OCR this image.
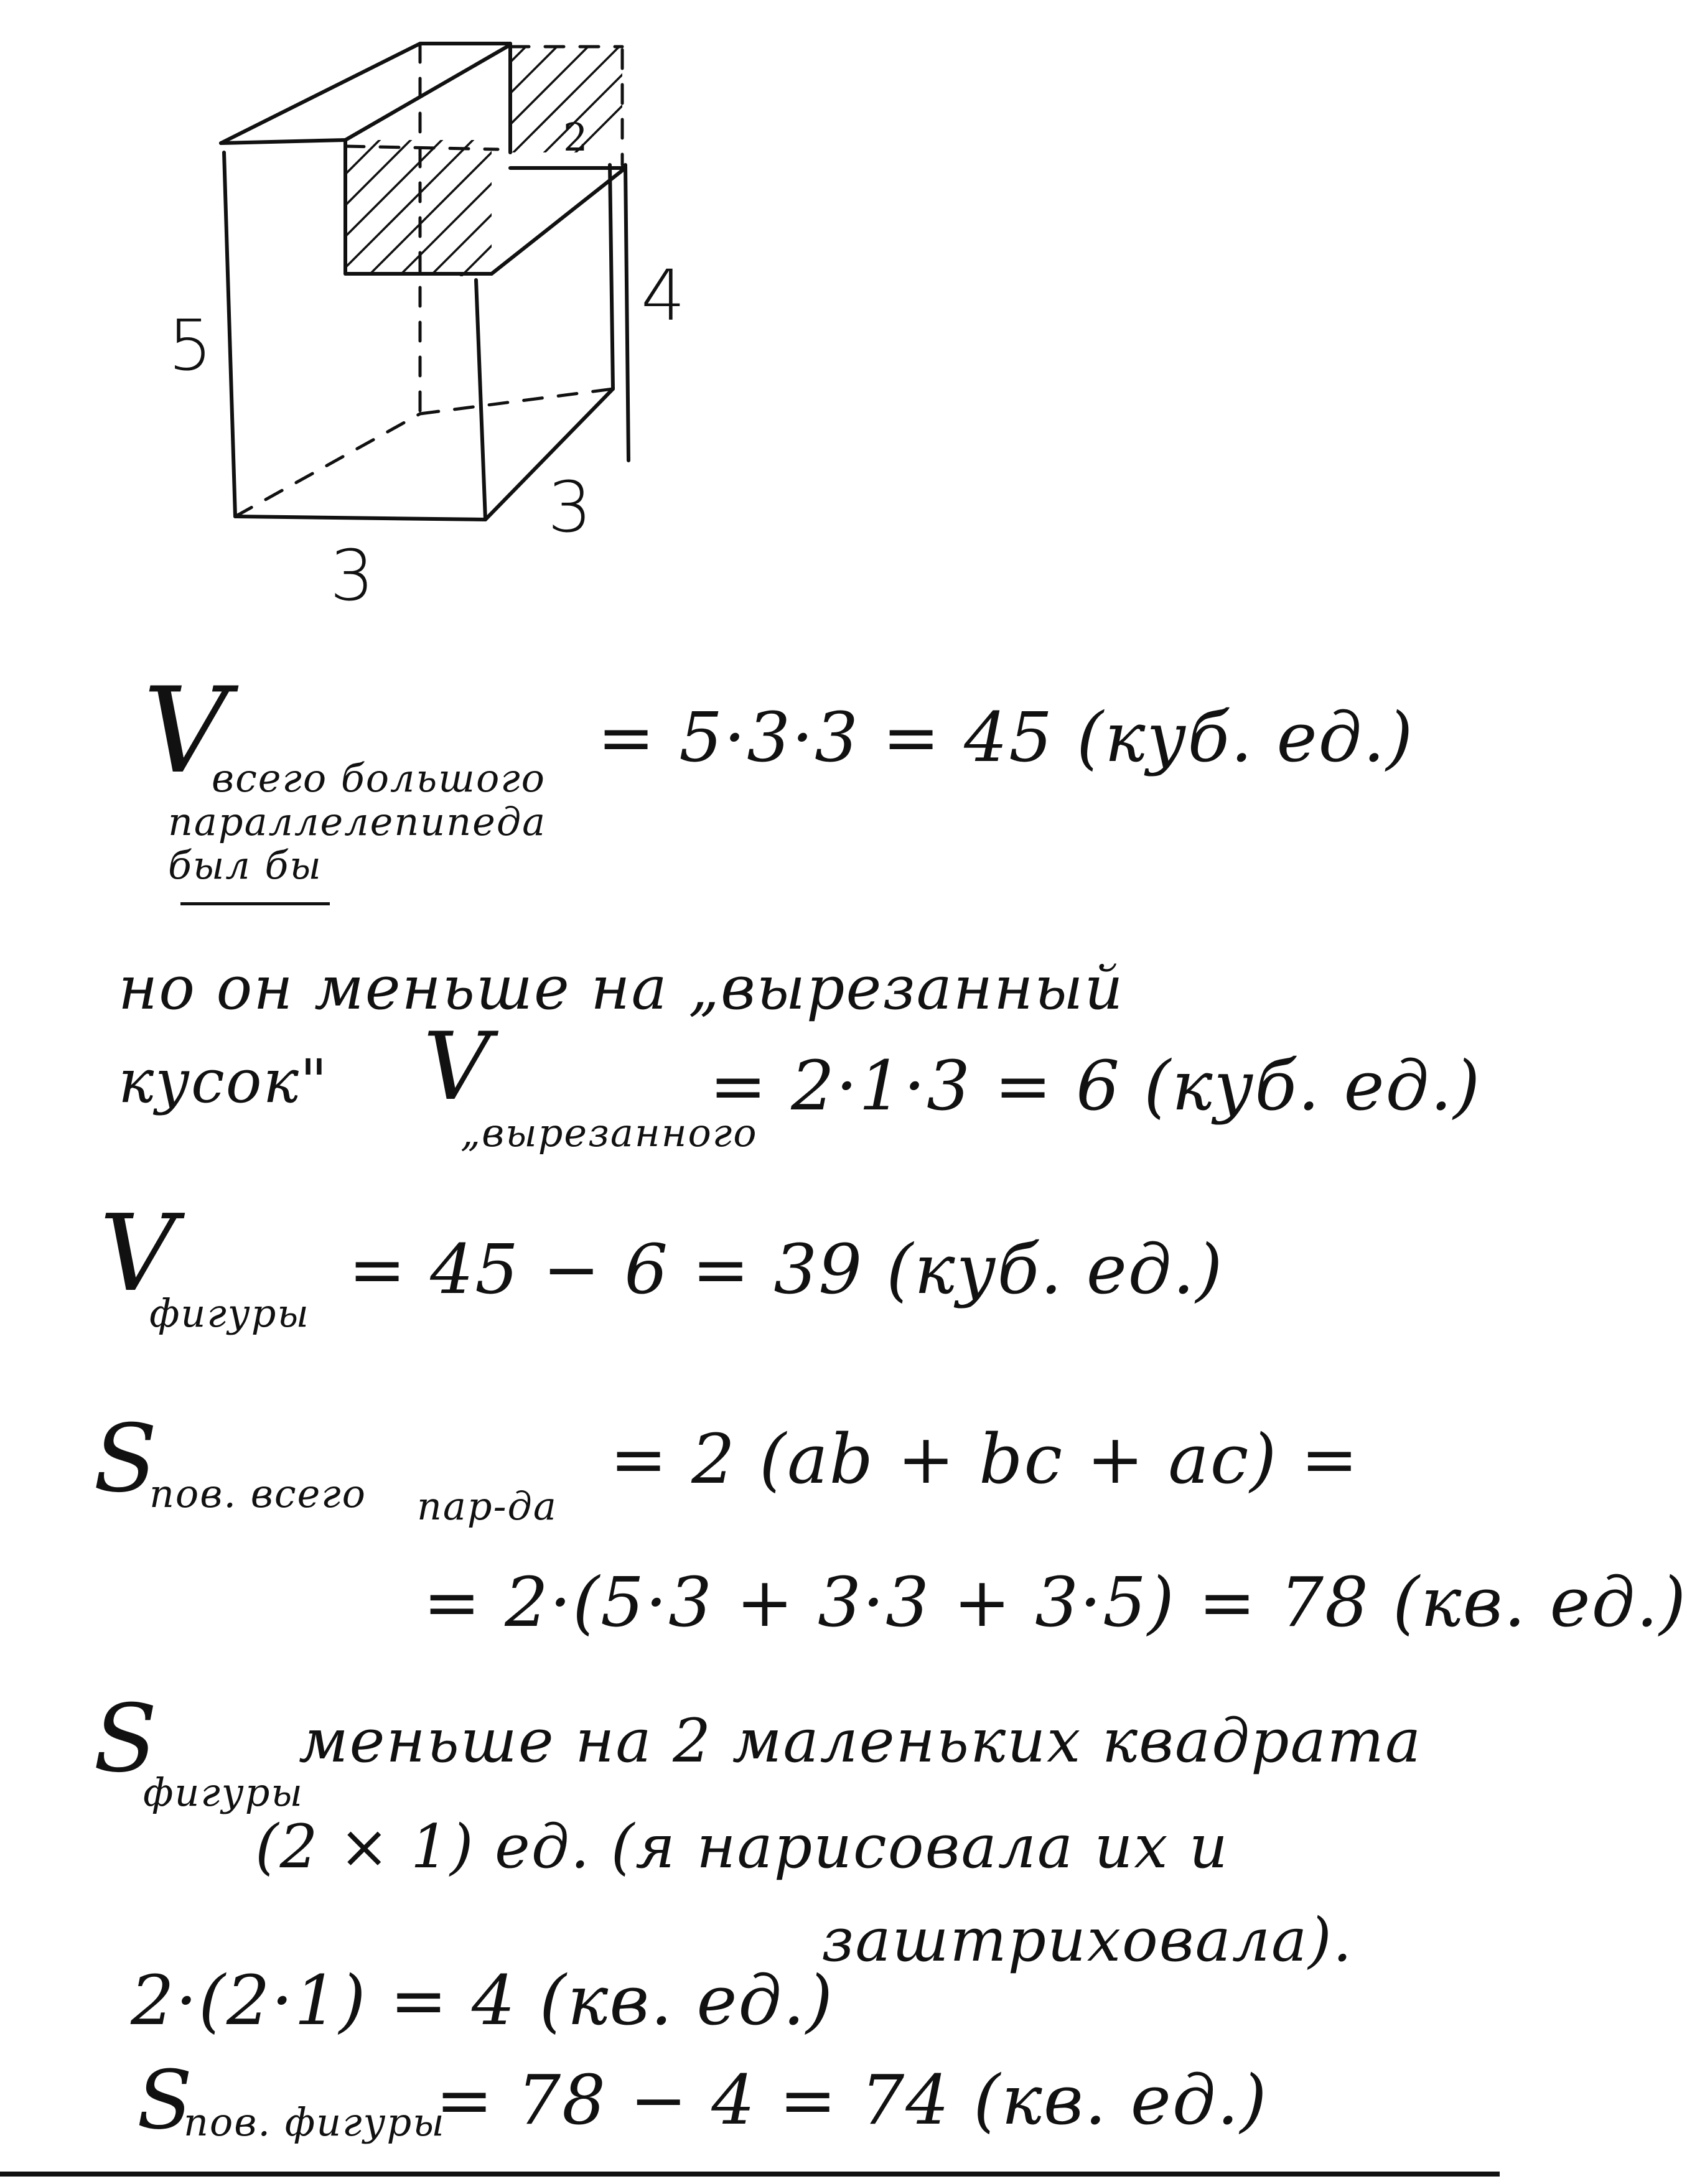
5
4
3
3
2
V
всего большого
параллелепипеда
был бы
= 5·3·3 = 45 (куб. ед.)
но он меньше на „вырезанный
кусок" V
„вырезанного
= 2·1·3 = 6 (куб. ед.)
V
фигуры
= 45 − 6 = 39 (куб. ед.)
S
пов. всего пар-да
= 2 (ab + bc + ac) =
= 2·(5·3 + 3·3 + 3·5) = 78 (кв. ед.)
S
фигуры
меньше на 2 маленьких квадрата
(2 × 1) ед. (я нарисовала их и
заштриховала).
2·(2·1) = 4 (кв. ед.)
S
пов. фигуры
= 78 − 4 = 74 (кв. ед.)
